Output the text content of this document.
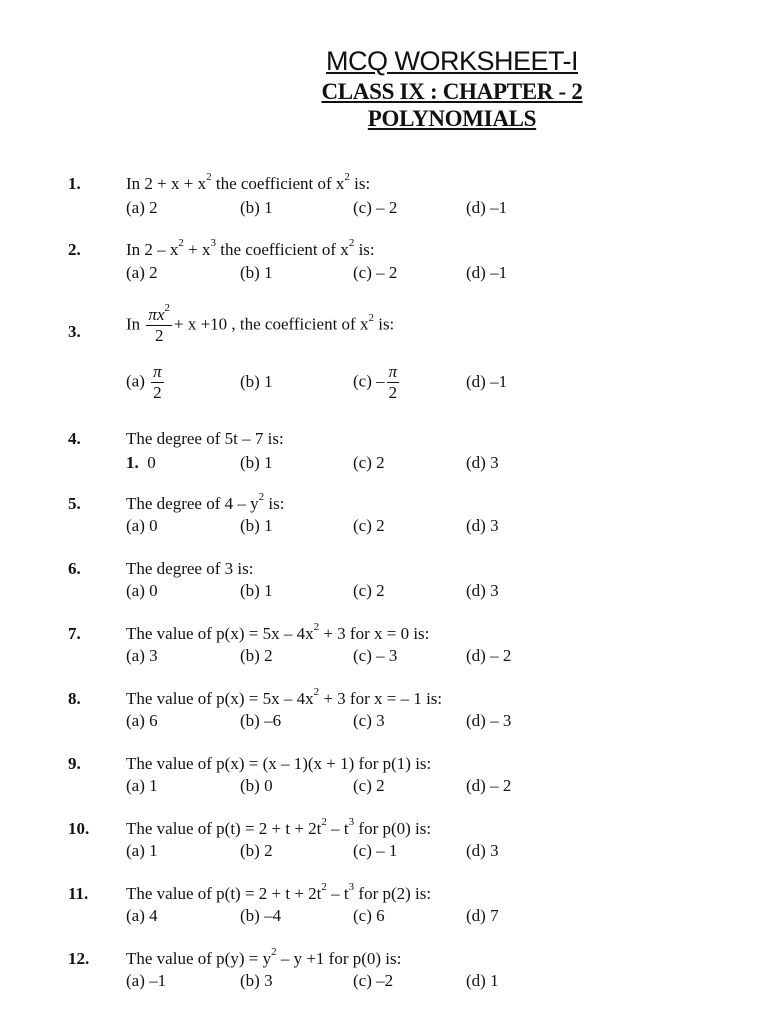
MCQ WORKSHEET-I
CLASS IX : CHAPTER - 2
POLYNOMIALS
1.	In $2 + x + x^2$ the coefficient of $x^2$ is:
(a) 2	(b) 1	(c) – 2	(d) –1
2.	In $2 - x^2 + x^3$ the coefficient of $x^2$ is:
(a) 2	(b) 1	(c) – 2	(d) –1
3.	In $\frac{\pi x^2}{2} + x +10$ , the coefficient of $x^2$ is:
$(a) \frac{\pi}{2}$	(b) 1	$(c) - \frac{\pi}{2}$	(d) –1
4.	The degree of 5t – 7 is:
1.  0	(b) 1	(c) 2	(d) 3
5.	The degree of $4 - y^2$ is:
(a) 0	(b) 1	(c) 2	(d) 3
6.	The degree of 3 is:
(a) 0	(b) 1	(c) 2	(d) 3
7.	The value of $p(x) = 5x - 4x^2 + 3$ for x = 0 is:
(a) 3	(b) 2	(c) – 3	(d) – 2
8.	The value of $p(x) = 5x - 4x^2 + 3$ for x = – 1 is:
(a) 6	(b) –6	(c) 3	(d) – 3
9.	The value of p(x) = (x – 1)(x + 1) for p(1) is:
(a) 1	(b) 0	(c) 2	(d) – 2
10. The value of $p(t) = 2 + t + 2t^2 - t^3$ for p(0) is:
(a) 1	(b) 2	(c) – 1	(d) 3
11. The value of $p(t) = 2 + t + 2t^2 - t^3$ for p(2) is:
(a) 4	(b) –4	(c) 6	(d) 7
12. The value of $p(y) = y^2 - y +1$ for p(0) is:
(a) –1	(b) 3	(c) –2	(d) 1
